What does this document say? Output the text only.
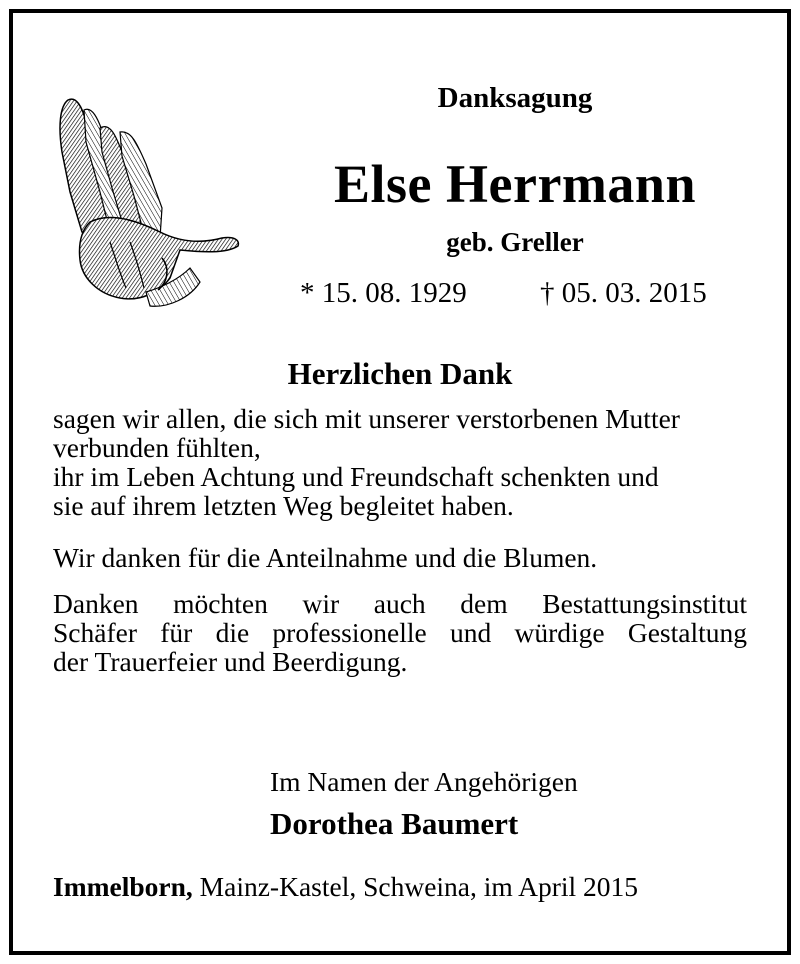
Danksagung
Else Herrmann
geb. Greller
* 15. 08. 1929	† 05. 03. 2015
Herzlichen Dank
sagen wir allen, die sich mit unserer verstorbenen Mutter
verbunden fühlten,
ihr im Leben Achtung und Freundschaft schenkten und
sie auf ihrem letzten Weg begleitet haben.
Wir danken für die Anteilnahme und die Blumen.
Danken möchten wir auch dem Bestattungsinstitut
Schäfer für die professionelle und würdige Gestaltung
der Trauerfeier und Beerdigung.
Im Namen der Angehörigen
Dorothea Baumert
Immelborn, Mainz-Kastel, Schweina, im April 2015
